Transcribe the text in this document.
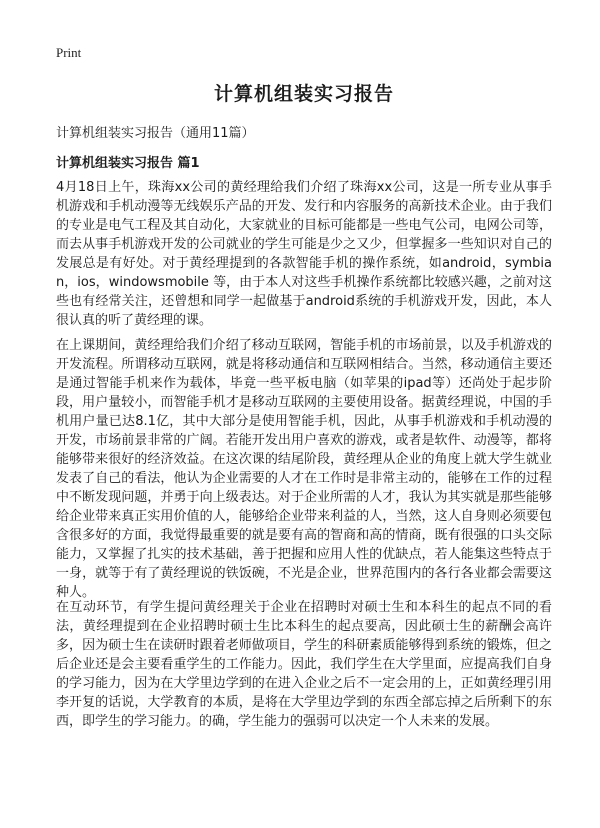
Print
计算机组装实习报告

计算机组装实习报告（通用11篇）

计算机组装实习报告 篇1

4月18日上午，珠海xx公司的黄经理给我们介绍了珠海xx公司，这是一所专业从事手机游戏和手机动漫等无线娱乐产品的开发、发行和内容服务的高新技术企业。由于我们的专业是电气工程及其自动化，大家就业的目标可能都是一些电气公司，电网公司等，而去从事手机游戏开发的公司就业的学生可能是少之又少，但掌握多一些知识对自己的发展总是有好处。对于黄经理提到的各款智能手机的操作系统，如android，symbian，ios，windowsmobile 等，由于本人对这些手机操作系统都比较感兴趣，之前对这些也有经常关注，还曾想和同学一起做基于android系统的手机游戏开发，因此，本人很认真的听了黄经理的课。

在上课期间，黄经理给我们介绍了移动互联网，智能手机的市场前景，以及手机游戏的开发流程。所谓移动互联网，就是将移动通信和互联网相结合。当然，移动通信主要还是通过智能手机来作为载体，毕竟一些平板电脑（如苹果的ipad等）还尚处于起步阶段，用户量较小，而智能手机才是移动互联网的主要使用设备。据黄经理说，中国的手机用户量已达8.1亿，其中大部分是使用智能手机，因此，从事手机游戏和手机动漫的开发，市场前景非常的广阔。若能开发出用户喜欢的游戏，或者是软件、动漫等，都将能够带来很好的经济效益。在这次课的结尾阶段，黄经理从企业的角度上就大学生就业发表了自己的看法，他认为企业需要的人才在工作时是非常主动的，能够在工作的过程中不断发现问题，并勇于向上级表达。对于企业所需的人才，我认为其实就是那些能够给企业带来真正实用价值的人，能够给企业带来利益的人，当然，这人自身则必须要包含很多好的方面，我觉得最重要的就是要有高的智商和高的情商，既有很强的口头交际能力，又掌握了扎实的技术基础，善于把握和应用人性的优缺点，若人能集这些特点于一身，就等于有了黄经理说的铁饭碗，不光是企业，世界范围内的各行各业都会需要这种人。

在互动环节，有学生提问黄经理关于企业在招聘时对硕士生和本科生的起点不同的看法，黄经理提到在企业招聘时硕士生比本科生的起点要高，因此硕士生的薪酬会高许多，因为硕士生在读研时跟着老师做项目，学生的科研素质能够得到系统的锻炼，但之后企业还是会主要看重学生的工作能力。因此，我们学生在大学里面，应提高我们自身的学习能力，因为在大学里边学到的在进入企业之后不一定会用的上，正如黄经理引用李开复的话说，大学教育的本质，是将在大学里边学到的东西全部忘掉之后所剩下的东西，即学生的学习能力。的确，学生能力的强弱可以决定一个人未来的发展。
